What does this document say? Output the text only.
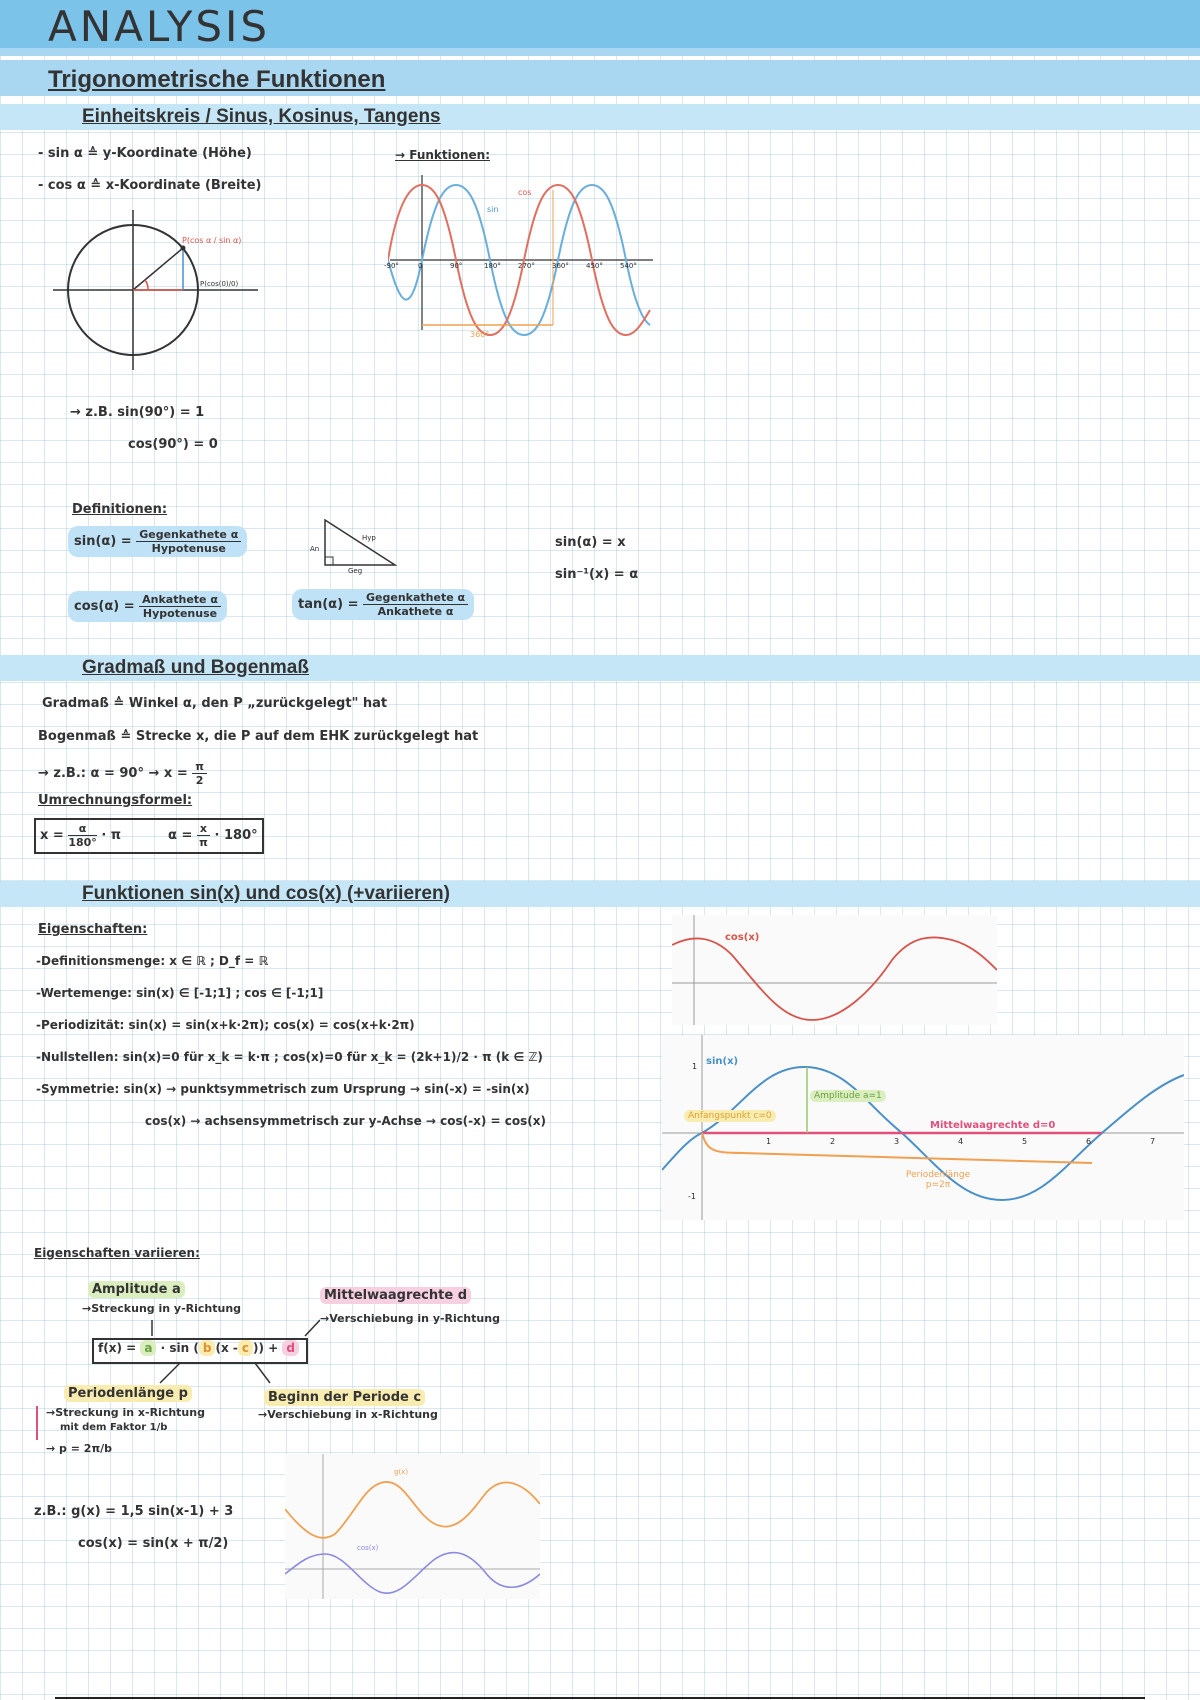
ANALYSIS
Trigonometrische Funktionen
Einheitskreis / Sinus, Kosinus, Tangens
- sin α ≙ y-Koordinate (Höhe)
- cos α ≙ x-Koordinate (Breite)
P(cos α / sin α)
P(cos(0)/0)
→ Funktionen:
sin
cos
360°
-90°	0	90°	180° 270° 360° 450° 540°
→ z.B. sin(90°) = 1
cos(90°) = 0
Definitionen:
$\sin(\alpha) = \frac{\text{Gegenkathete α}}{\text{Hypotenuse}}$
$\cos(\alpha) = \frac{\text{Ankathete α}}{\text{Hypotenuse}}$	$\tan(\alpha) = \frac{\text{Gegenkathete α}}{\text{Ankathete α}}$
Hyp
An
Geg
sin(α) = x
sin⁻¹(x) = α
Gradmaß und Bogenmaß
Gradmaß ≙ Winkel α, den P „zurückgelegt" hat
Bogenmaß ≙ Strecke x, die P auf dem EHK zurückgelegt hat
→ z.B.: $\alpha = 90^\circ \to x = \frac{\pi}{2}$
Umrechnungsformel:
$x = \frac{\alpha}{180^\circ} \cdot \pi$	$\alpha = \frac{x}{\pi} \cdot 180^\circ$
Funktionen sin(x) und cos(x) (+variieren)
Eigenschaften:
-Definitionsmenge: x ∈ ℝ ; D_f = ℝ
-Wertemenge: sin(x) ∈ [-1;1] ; cos ∈ [-1;1]
-Periodizität: sin(x) = sin(x+k·2π); cos(x) = cos(x+k·2π)
-Nullstellen: sin(x)=0 für x_k = k·π ; cos(x)=0 für x_k = (2k+1)/2 · π (k ∈ ℤ)
-Symmetrie: sin(x) → punktsymmetrisch zum Ursprung → sin(-x) = -sin(x)
cos(x) → achsensymmetrisch zur y-Achse → cos(-x) = cos(x)
cos(x)
sin(x)
Amplitude a=1
Anfangspunkt c=0
Mittelwaagrechte d=0
Periodenlänge p=2π
1	2	3	4	5	6	7
1
-1
Eigenschaften variieren:
Amplitude a
→Streckung in y-Richtung
Mittelwaagrechte d
→Verschiebung in y-Richtung
f(x) = a · sin ( b (x - c )) + d
Periodenlänge p
→Streckung in x-Richtung
mit dem Faktor 1/b
→ p = 2π/b
Beginn der Periode c
→Verschiebung in x-Richtung
z.B.: g(x) = 1,5 sin(x-1) + 3
cos(x) = sin(x + π/2)
g(x)
cos(x)
